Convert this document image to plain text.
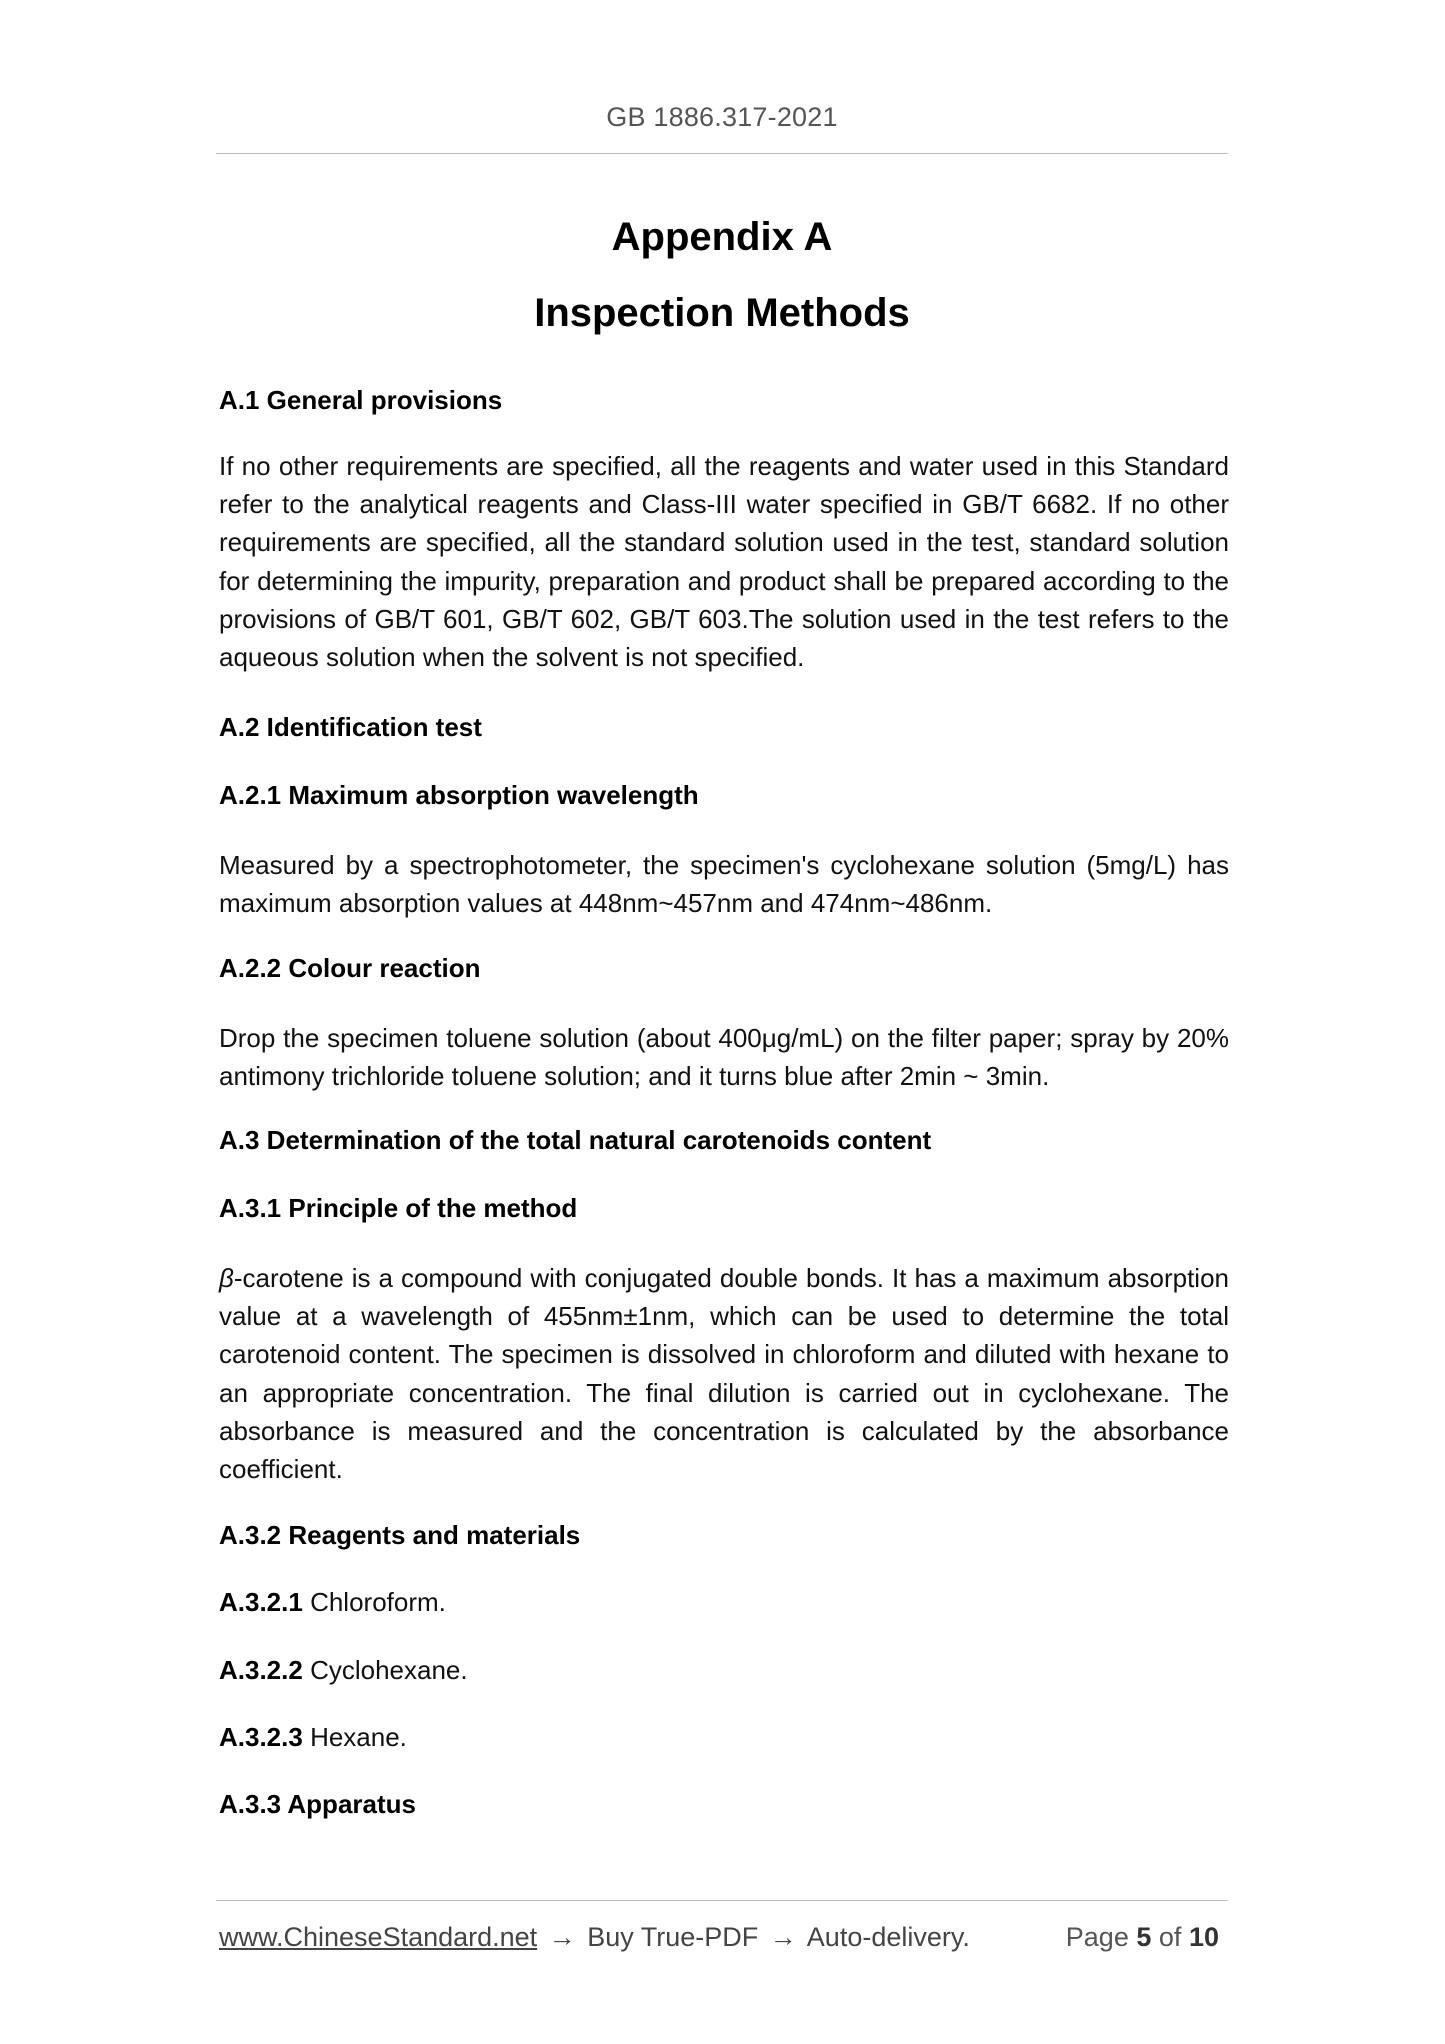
GB 1886.317-2021
Appendix A
Inspection Methods
A.1 General provisions
If no other requirements are specified, all the reagents and water used in this Standard refer to the analytical reagents and Class-III water specified in GB/T 6682. If no other requirements are specified, all the standard solution used in the test, standard solution for determining the impurity, preparation and product shall be prepared according to the provisions of GB/T 601, GB/T 602, GB/T 603.The solution used in the test refers to the aqueous solution when the solvent is not specified.
A.2 Identification test
A.2.1 Maximum absorption wavelength
Measured by a spectrophotometer, the specimen's cyclohexane solution (5mg/L) has maximum absorption values at 448nm~457nm and 474nm~486nm.
A.2.2 Colour reaction
Drop the specimen toluene solution (about 400μg/mL) on the filter paper; spray by 20% antimony trichloride toluene solution; and it turns blue after 2min ~ 3min.
A.3 Determination of the total natural carotenoids content
A.3.1 Principle of the method
β-carotene is a compound with conjugated double bonds. It has a maximum absorption value at a wavelength of 455nm±1nm, which can be used to determine the total carotenoid content. The specimen is dissolved in chloroform and diluted with hexane to an appropriate concentration. The final dilution is carried out in cyclohexane. The absorbance is measured and the concentration is calculated by the absorbance coefficient.
A.3.2 Reagents and materials
A.3.2.1 Chloroform.
A.3.2.2 Cyclohexane.
A.3.2.3 Hexane.
A.3.3 Apparatus
www.ChineseStandard.net → Buy True-PDF → Auto-delivery.	Page 5 of 10
